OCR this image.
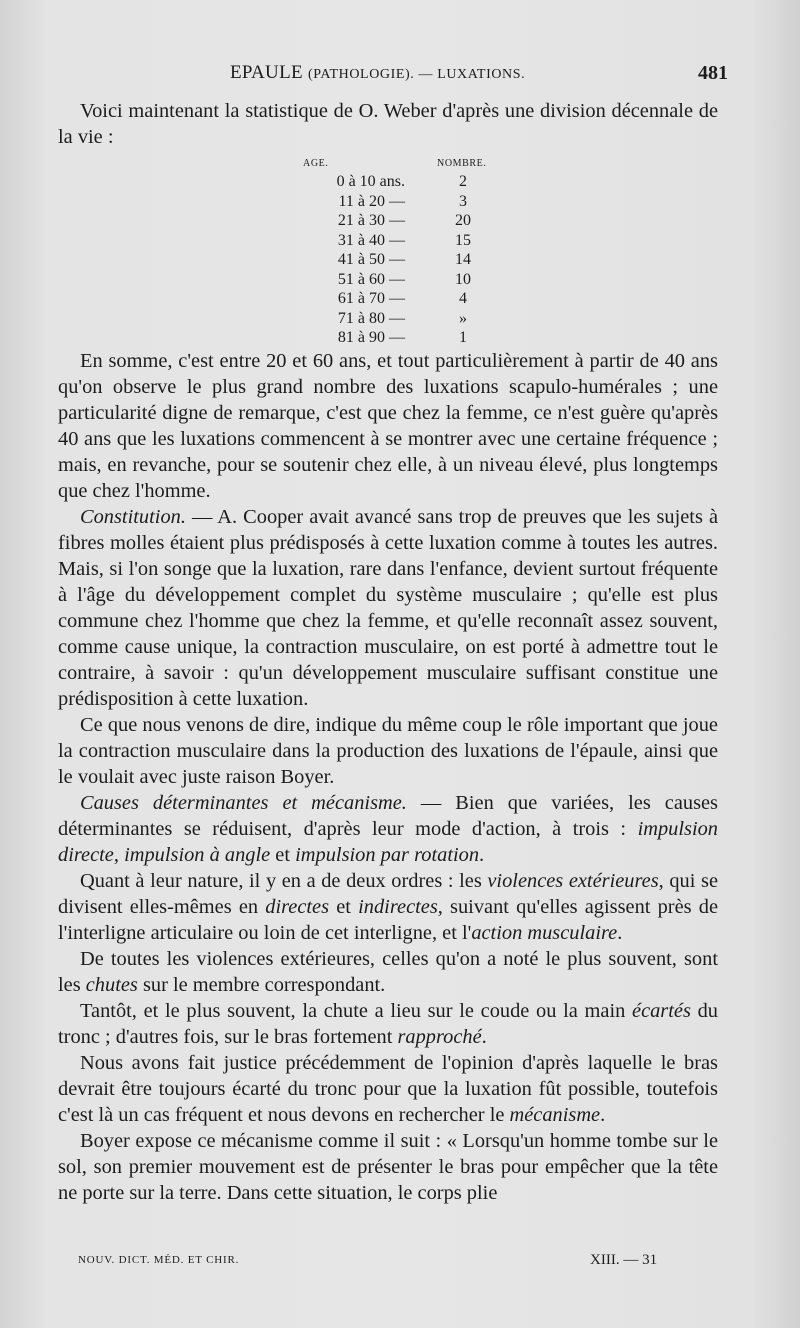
EPAULE (PATHOLOGIE). — LUXATIONS.	481

Voici maintenant la statistique de O. Weber d'après une division décennale de la vie :

AGE.	NOMBRE.
0 à 10 ans.	2
11 à 20 —	3
21 à 30 —	20
31 à 40 —	15
41 à 50 —	14
51 à 60 —	10
61 à 70 —	4
71 à 80 —	»
81 à 90 —	1

En somme, c'est entre 20 et 60 ans, et tout particulièrement à partir de 40 ans qu'on observe le plus grand nombre des luxations scapulo-humérales ; une particularité digne de remarque, c'est que chez la femme, ce n'est guère qu'après 40 ans que les luxations commencent à se montrer avec une certaine fréquence ; mais, en revanche, pour se soutenir chez elle, à un niveau élevé, plus longtemps que chez l'homme.

Constitution. — A. Cooper avait avancé sans trop de preuves que les sujets à fibres molles étaient plus prédisposés à cette luxation comme à toutes les autres. Mais, si l'on songe que la luxation, rare dans l'enfance, devient surtout fréquente à l'âge du développement complet du système musculaire ; qu'elle est plus commune chez l'homme que chez la femme, et qu'elle reconnaît assez souvent, comme cause unique, la contraction musculaire, on est porté à admettre tout le contraire, à savoir : qu'un développement musculaire suffisant constitue une prédisposition à cette luxation.

Ce que nous venons de dire, indique du même coup le rôle important que joue la contraction musculaire dans la production des luxations de l'épaule, ainsi que le voulait avec juste raison Boyer.

Causes déterminantes et mécanisme. — Bien que variées, les causes déterminantes se réduisent, d'après leur mode d'action, à trois : impulsion directe, impulsion à angle et impulsion par rotation.

Quant à leur nature, il y en a de deux ordres : les violences extérieures, qui se divisent elles-mêmes en directes et indirectes, suivant qu'elles agissent près de l'interligne articulaire ou loin de cet interligne, et l'action musculaire.

De toutes les violences extérieures, celles qu'on a noté le plus souvent, sont les chutes sur le membre correspondant.

Tantôt, et le plus souvent, la chute a lieu sur le coude ou la main écartés du tronc ; d'autres fois, sur le bras fortement rapproché.

Nous avons fait justice précédemment de l'opinion d'après laquelle le bras devrait être toujours écarté du tronc pour que la luxation fût possible, toutefois c'est là un cas fréquent et nous devons en rechercher le mécanisme.

Boyer expose ce mécanisme comme il suit : « Lorsqu'un homme tombe sur le sol, son premier mouvement est de présenter le bras pour empêcher que la tête ne porte sur la terre. Dans cette situation, le corps plie

NOUV. DICT. MÉD. ET CHIR.	XIII. — 31
